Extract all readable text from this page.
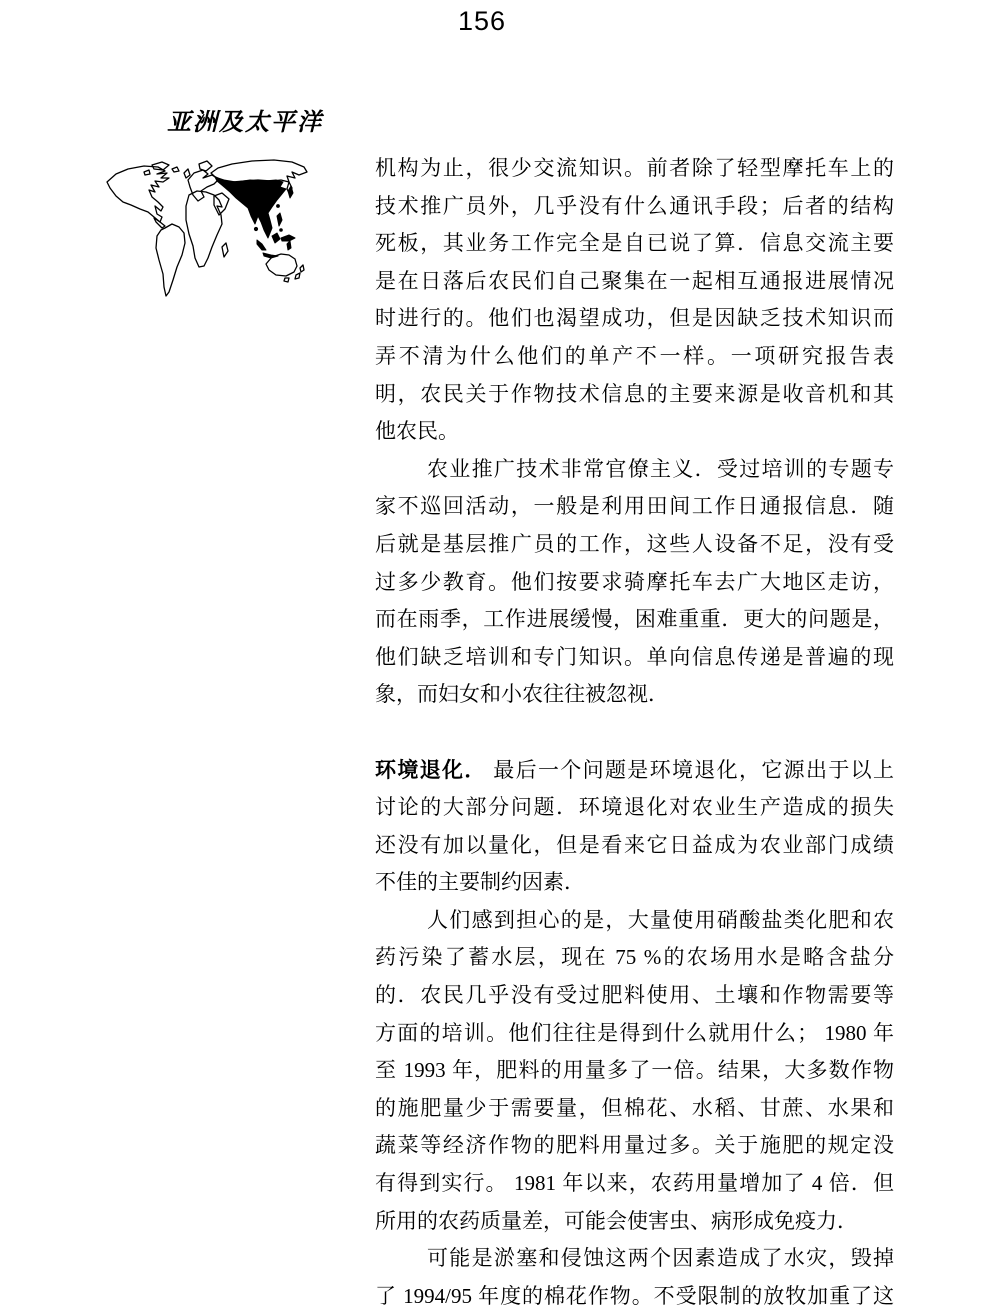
156
亚洲及太平洋
机构为止，很少交流知识。前者除了轻型摩托车上的
技术推广员外，几乎没有什么通讯手段；后者的结构
死板，其业务工作完全是自已说了算．信息交流主要
是在日落后农民们自己聚集在一起相互通报进展情况
时进行的。他们也渴望成功，但是因缺乏技术知识而
弄不清为什么他们的单产不一样。一项研究报告表
明，农民关于作物技术信息的主要来源是收音机和其
他农民。
农业推广技术非常官僚主义．受过培训的专题专
家不巡回活动，一般是利用田间工作日通报信息．随
后就是基层推广员的工作，这些人设备不足，没有受
过多少教育。他们按要求骑摩托车去广大地区走访，
而在雨季，工作进展缓慢，困难重重．更大的问题是，
他们缺乏培训和专门知识。单向信息传递是普遍的现
象，而妇女和小农往往被忽视．
环境退化． 最后一个问题是环境退化，它源出于以上
讨论的大部分问题．环境退化对农业生产造成的损失
还没有加以量化，但是看来它日益成为农业部门成绩
不佳的主要制约因素．
人们感到担心的是，大量使用硝酸盐类化肥和农
药污染了蓄水层，现在 75 %的农场用水是略含盐分
的．农民几乎没有受过肥料使用、土壤和作物需要等
方面的培训。他们往往是得到什么就用什么； 1980 年
至 1993 年，肥料的用量多了一倍。结果，大多数作物
的施肥量少于需要量，但棉花、水稻、甘蔗、水果和
蔬菜等经济作物的肥料用量过多。关于施肥的规定没
有得到实行。 1981 年以来，农药用量增加了 4 倍．但
所用的农药质量差，可能会使害虫、病形成免疫力．
可能是淤塞和侵蚀这两个因素造成了水灾，毁掉
了 1994/95 年度的棉花作物。不受限制的放牧加重了这
